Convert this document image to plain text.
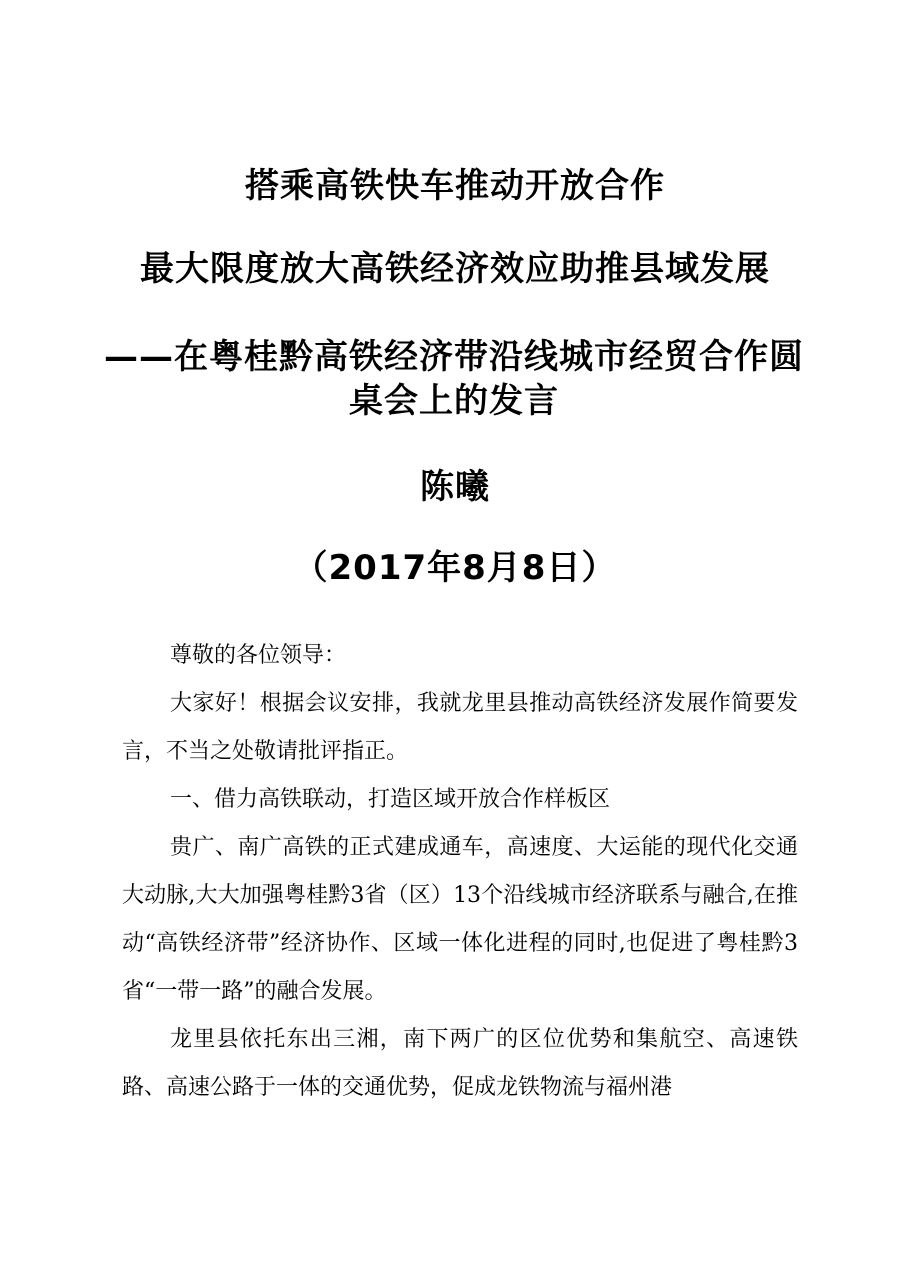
搭乘高铁快车推动开放合作
最大限度放大高铁经济效应助推县域发展
——在粤桂黔高铁经济带沿线城市经贸合作圆桌会上的发言
陈曦
（2017年8月8日）

尊敬的各位领导：

大家好！根据会议安排，我就龙里县推动高铁经济发展作简要发言，不当之处敬请批评指正。

一、借力高铁联动，打造区域开放合作样板区

贵广、南广高铁的正式建成通车，高速度、大运能的现代化交通大动脉,大大加强粤桂黔3省（区）13个沿线城市经济联系与融合,在推动“高铁经济带”经济协作、区域一体化进程的同时,也促进了粤桂黔3省“一带一路”的融合发展。

龙里县依托东出三湘，南下两广的区位优势和集航空、高速铁路、高速公路于一体的交通优势，促成龙铁物流与福州港
